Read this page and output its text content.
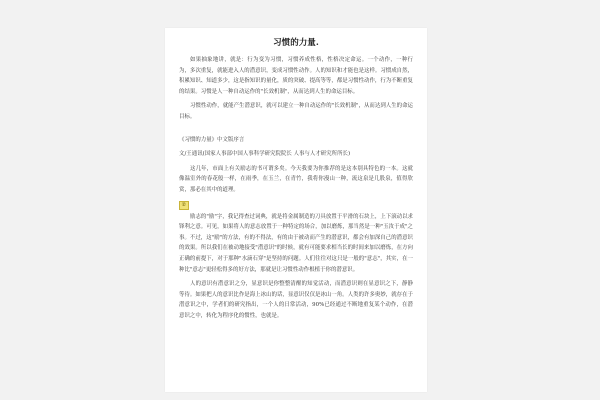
习惯的力量.

如果抽象地讲，就是：行为变为习惯，习惯养成性格，性格决定命运。一个动作，一种行为，多次重复，就能进入人的潜意识，变成习惯性动作。人的知识和才能也是这样。习惯成自然，积累知识、知道多少，这是指知识的量化，质的突破、提高等等，都是习惯性动作，行为不断重复的结果。习惯是人一种自动运作的"长效机制"，从而达到人生的命运目标。

习惯性动作，就能产生潜意识，就可以建立一种自动运作的"长效机制"，从而达到人生的命运目标。

《习惯的力量》中文版序言

文/王通讯(国家人事部中国人事科学研究院院长 人事与人才研究所所长)

这几年，市面上有关励志的书可谓多矣。今天我要为你推荐的是这本别具特色的一本。这就像温室外的春花般一样，在雨季，在玉兰，在青竹，我将你漫山一种，流这泉是几股泉，值得欣赏，那必在其中的道理。

②

励志的"励"字，我记得查过词典，就是将金属制造的刀具放置于平滑的石块上，上下滚动以求锋利之意。可见，如果将人的意志放置于一种特定的场合，加以磨炼，那当然是一种"玉汝于成"之事。不过，这"励"的方法，有的不得法，有的由于被动而产生的潜意识，都会有加深自己的潜意识的效果。所以我们在被动地接受"潜意识"的时候，就有可能要求相当长的时间来加以磨炼，在方向正确的前提下，对于那种"水滴石穿"是坚持的问题。人们往往对这只是一般的"意志"，其实，在一种比"意志"更轻松得多的好方法，那就是让习惯性动作根植于你的潜意识。

人的意识有潜意识之分，显意识是你整整清醒的知觉活动，而潜意识则在显意识之下，静静等待。如果把人的意识比作是海上冰山的话，显意识仅仅是冰山一角。人类的许多奥妙，就存在于潜意识之中，学者们的研究指出，一个人的日常活动，90%已经通过不断地重复某个动作，在潜意识之中，转化为程序化的惯性，也就是。
